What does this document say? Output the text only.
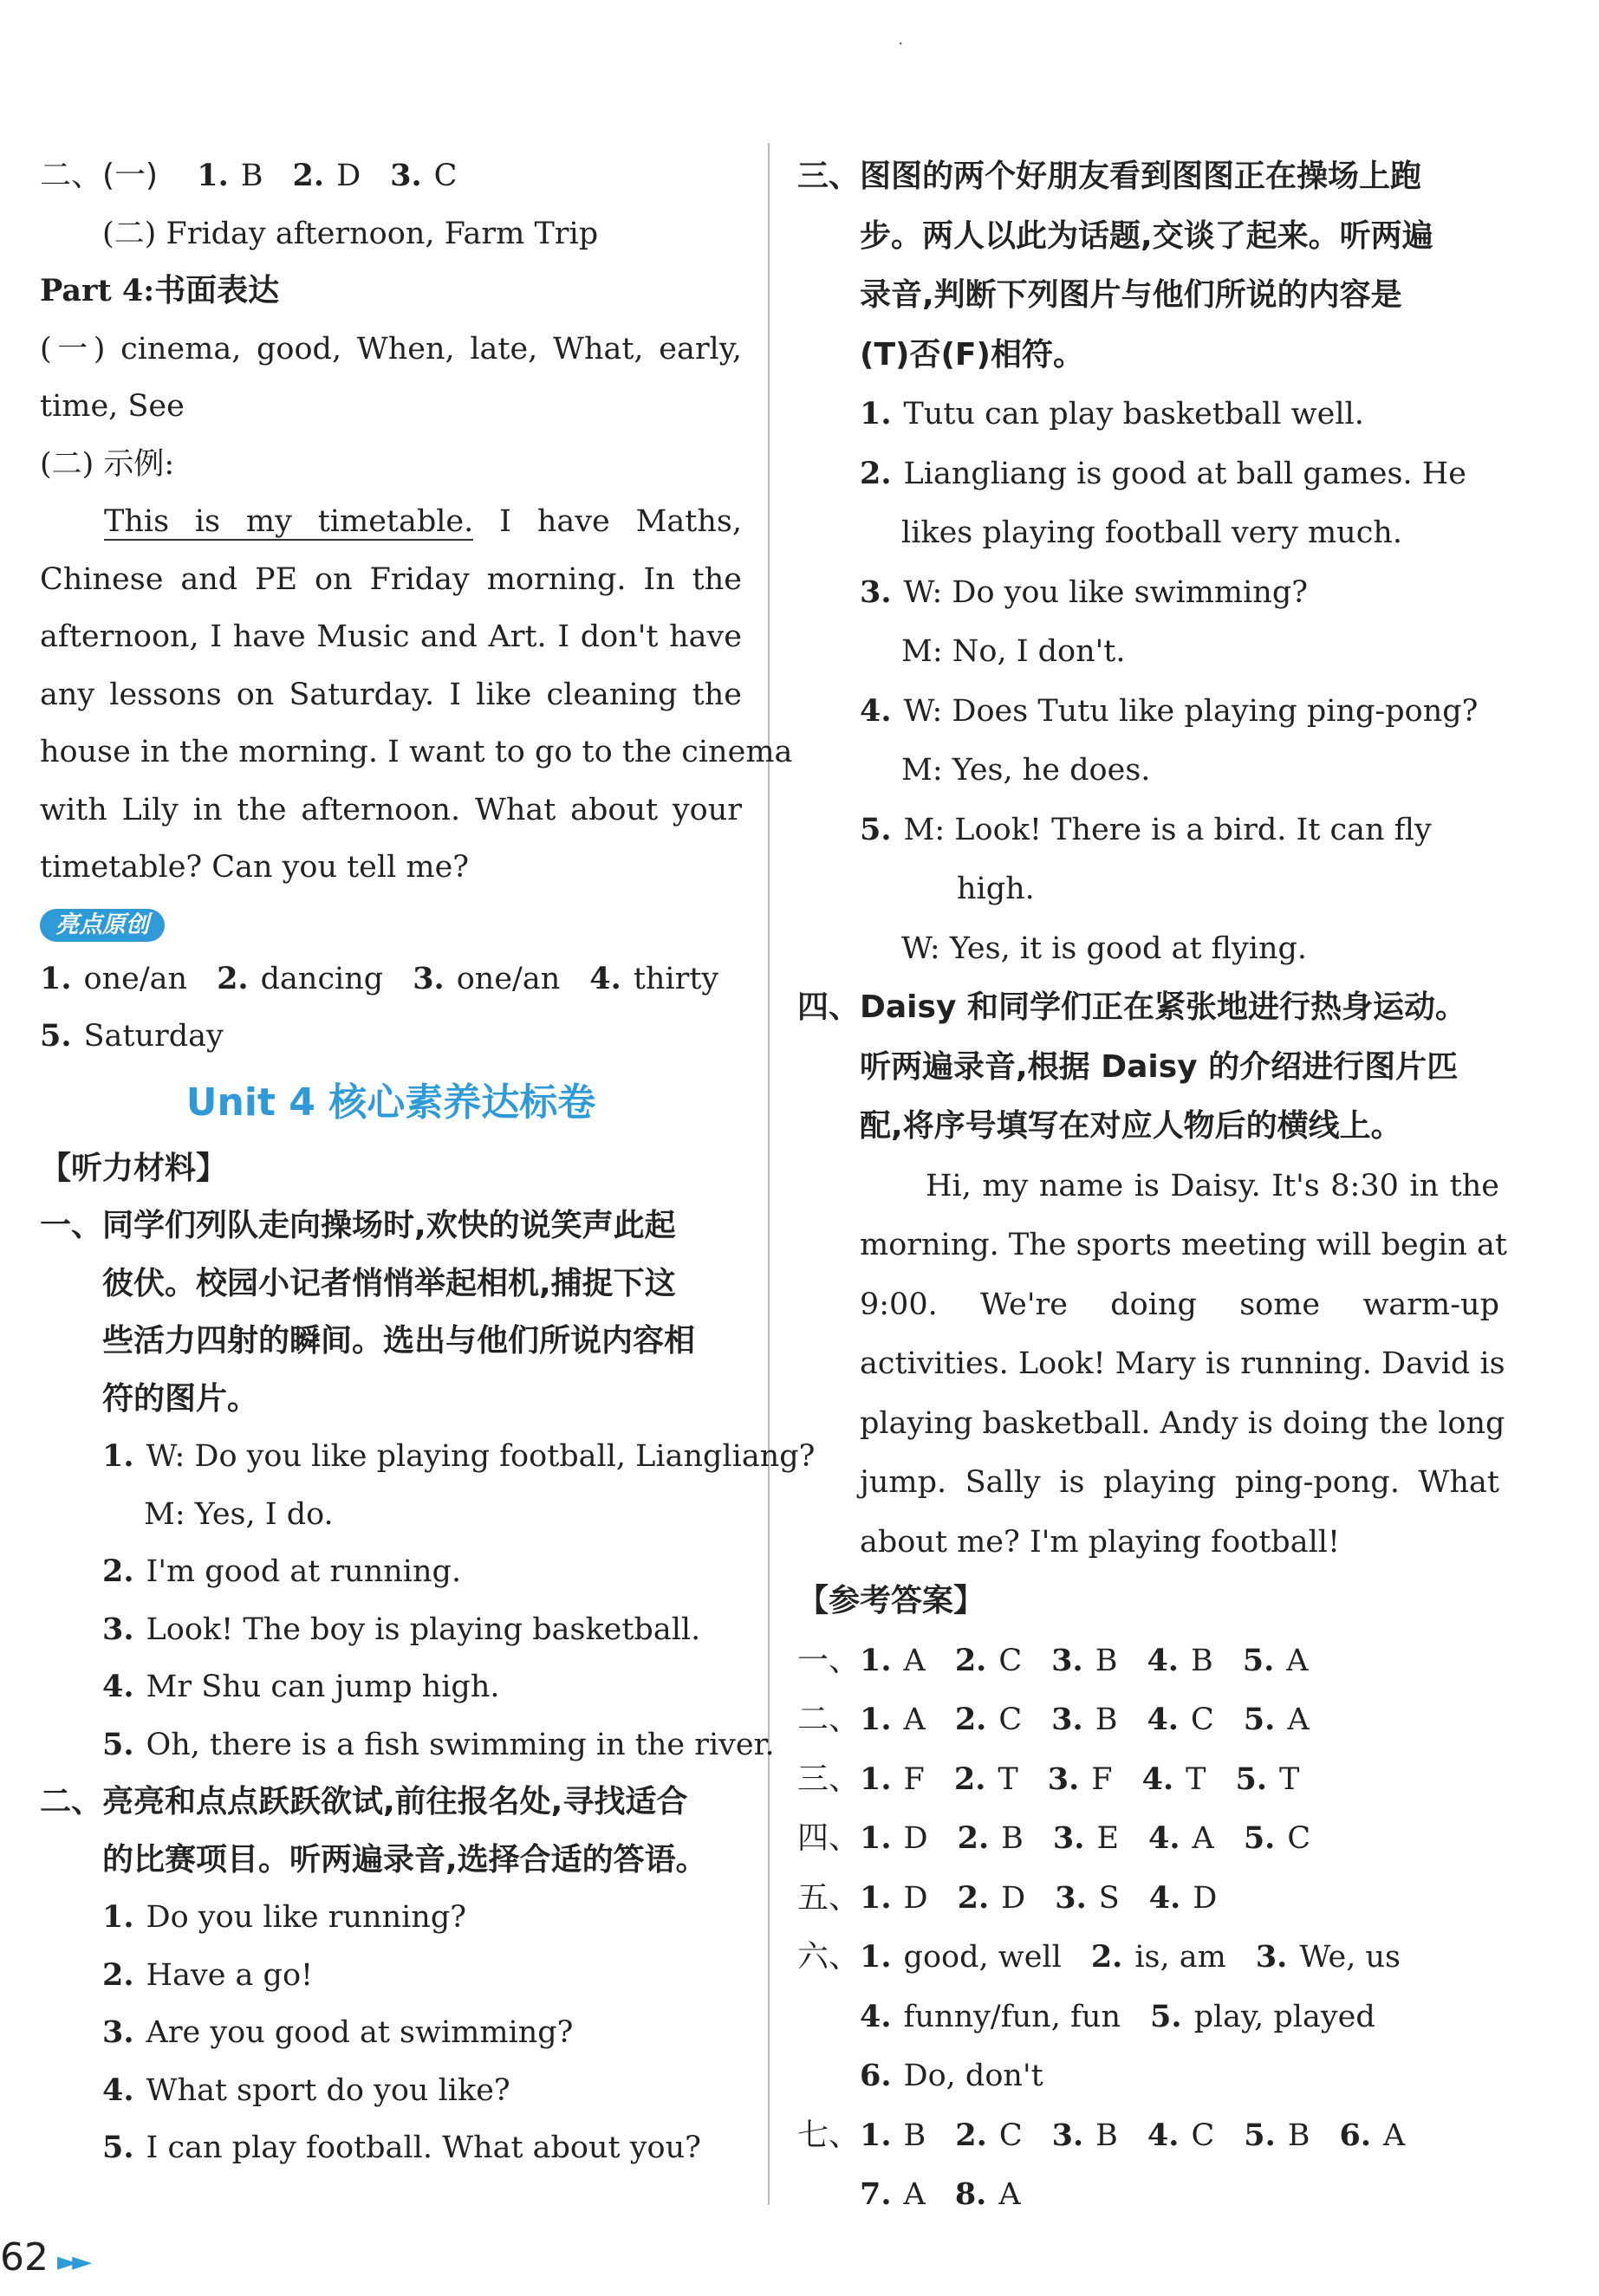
·
二、(一) 1. B 2. D 3. C
(二) Friday afternoon, Farm Trip
Part 4:书面表达
(一) cinema, good, When, late, What, early,
time, See
(二) 示例:
This is my timetable. I have Maths,
Chinese and PE on Friday morning. In the
afternoon, I have Music and Art. I don't have
any lessons on Saturday. I like cleaning the
house in the morning. I want to go to the cinema
with Lily in the afternoon. What about your
timetable? Can you tell me?
亮点原创
1. one/an 2. dancing 3. one/an 4. thirty
5. Saturday
Unit 4 核心素养达标卷
【听力材料】
一、同学们列队走向操场时,欢快的说笑声此起
彼伏。校园小记者悄悄举起相机,捕捉下这
些活力四射的瞬间。选出与他们所说内容相
符的图片。
1. W: Do you like playing football, Liangliang?
M: Yes, I do.
2. I'm good at running.
3. Look! The boy is playing basketball.
4. Mr Shu can jump high.
5. Oh, there is a fish swimming in the river.
二、亮亮和点点跃跃欲试,前往报名处,寻找适合
的比赛项目。听两遍录音,选择合适的答语。
1. Do you like running?
2. Have a go!
3. Are you good at swimming?
4. What sport do you like?
5. I can play football. What about you?
三、图图的两个好朋友看到图图正在操场上跑
步。两人以此为话题,交谈了起来。听两遍
录音,判断下列图片与他们所说的内容是
(T)否(F)相符。
1. Tutu can play basketball well.
2. Liangliang is good at ball games. He
likes playing football very much.
3. W: Do you like swimming?
M: No, I don't.
4. W: Does Tutu like playing ping-pong?
M: Yes, he does.
5. M: Look! There is a bird. It can fly
high.
W: Yes, it is good at flying.
四、Daisy 和同学们正在紧张地进行热身运动。
听两遍录音,根据 Daisy 的介绍进行图片匹
配,将序号填写在对应人物后的横线上。
Hi, my name is Daisy. It's 8:30 in the
morning. The sports meeting will begin at
9:00. We're doing some warm-up
activities. Look! Mary is running. David is
playing basketball. Andy is doing the long
jump. Sally is playing ping-pong. What
about me? I'm playing football!
【参考答案】
一、1. A 2. C 3. B 4. B 5. A
二、1. A 2. C 3. B 4. C 5. A
三、1. F 2. T 3. F 4. T 5. T
四、1. D 2. B 3. E 4. A 5. C
五、1. D 2. D 3. S 4. D
六、1. good, well 2. is, am 3. We, us
4. funny/fun, fun 5. play, played
6. Do, don't
七、1. B 2. C 3. B 4. C 5. B 6. A
7. A 8. A
62 ►►
